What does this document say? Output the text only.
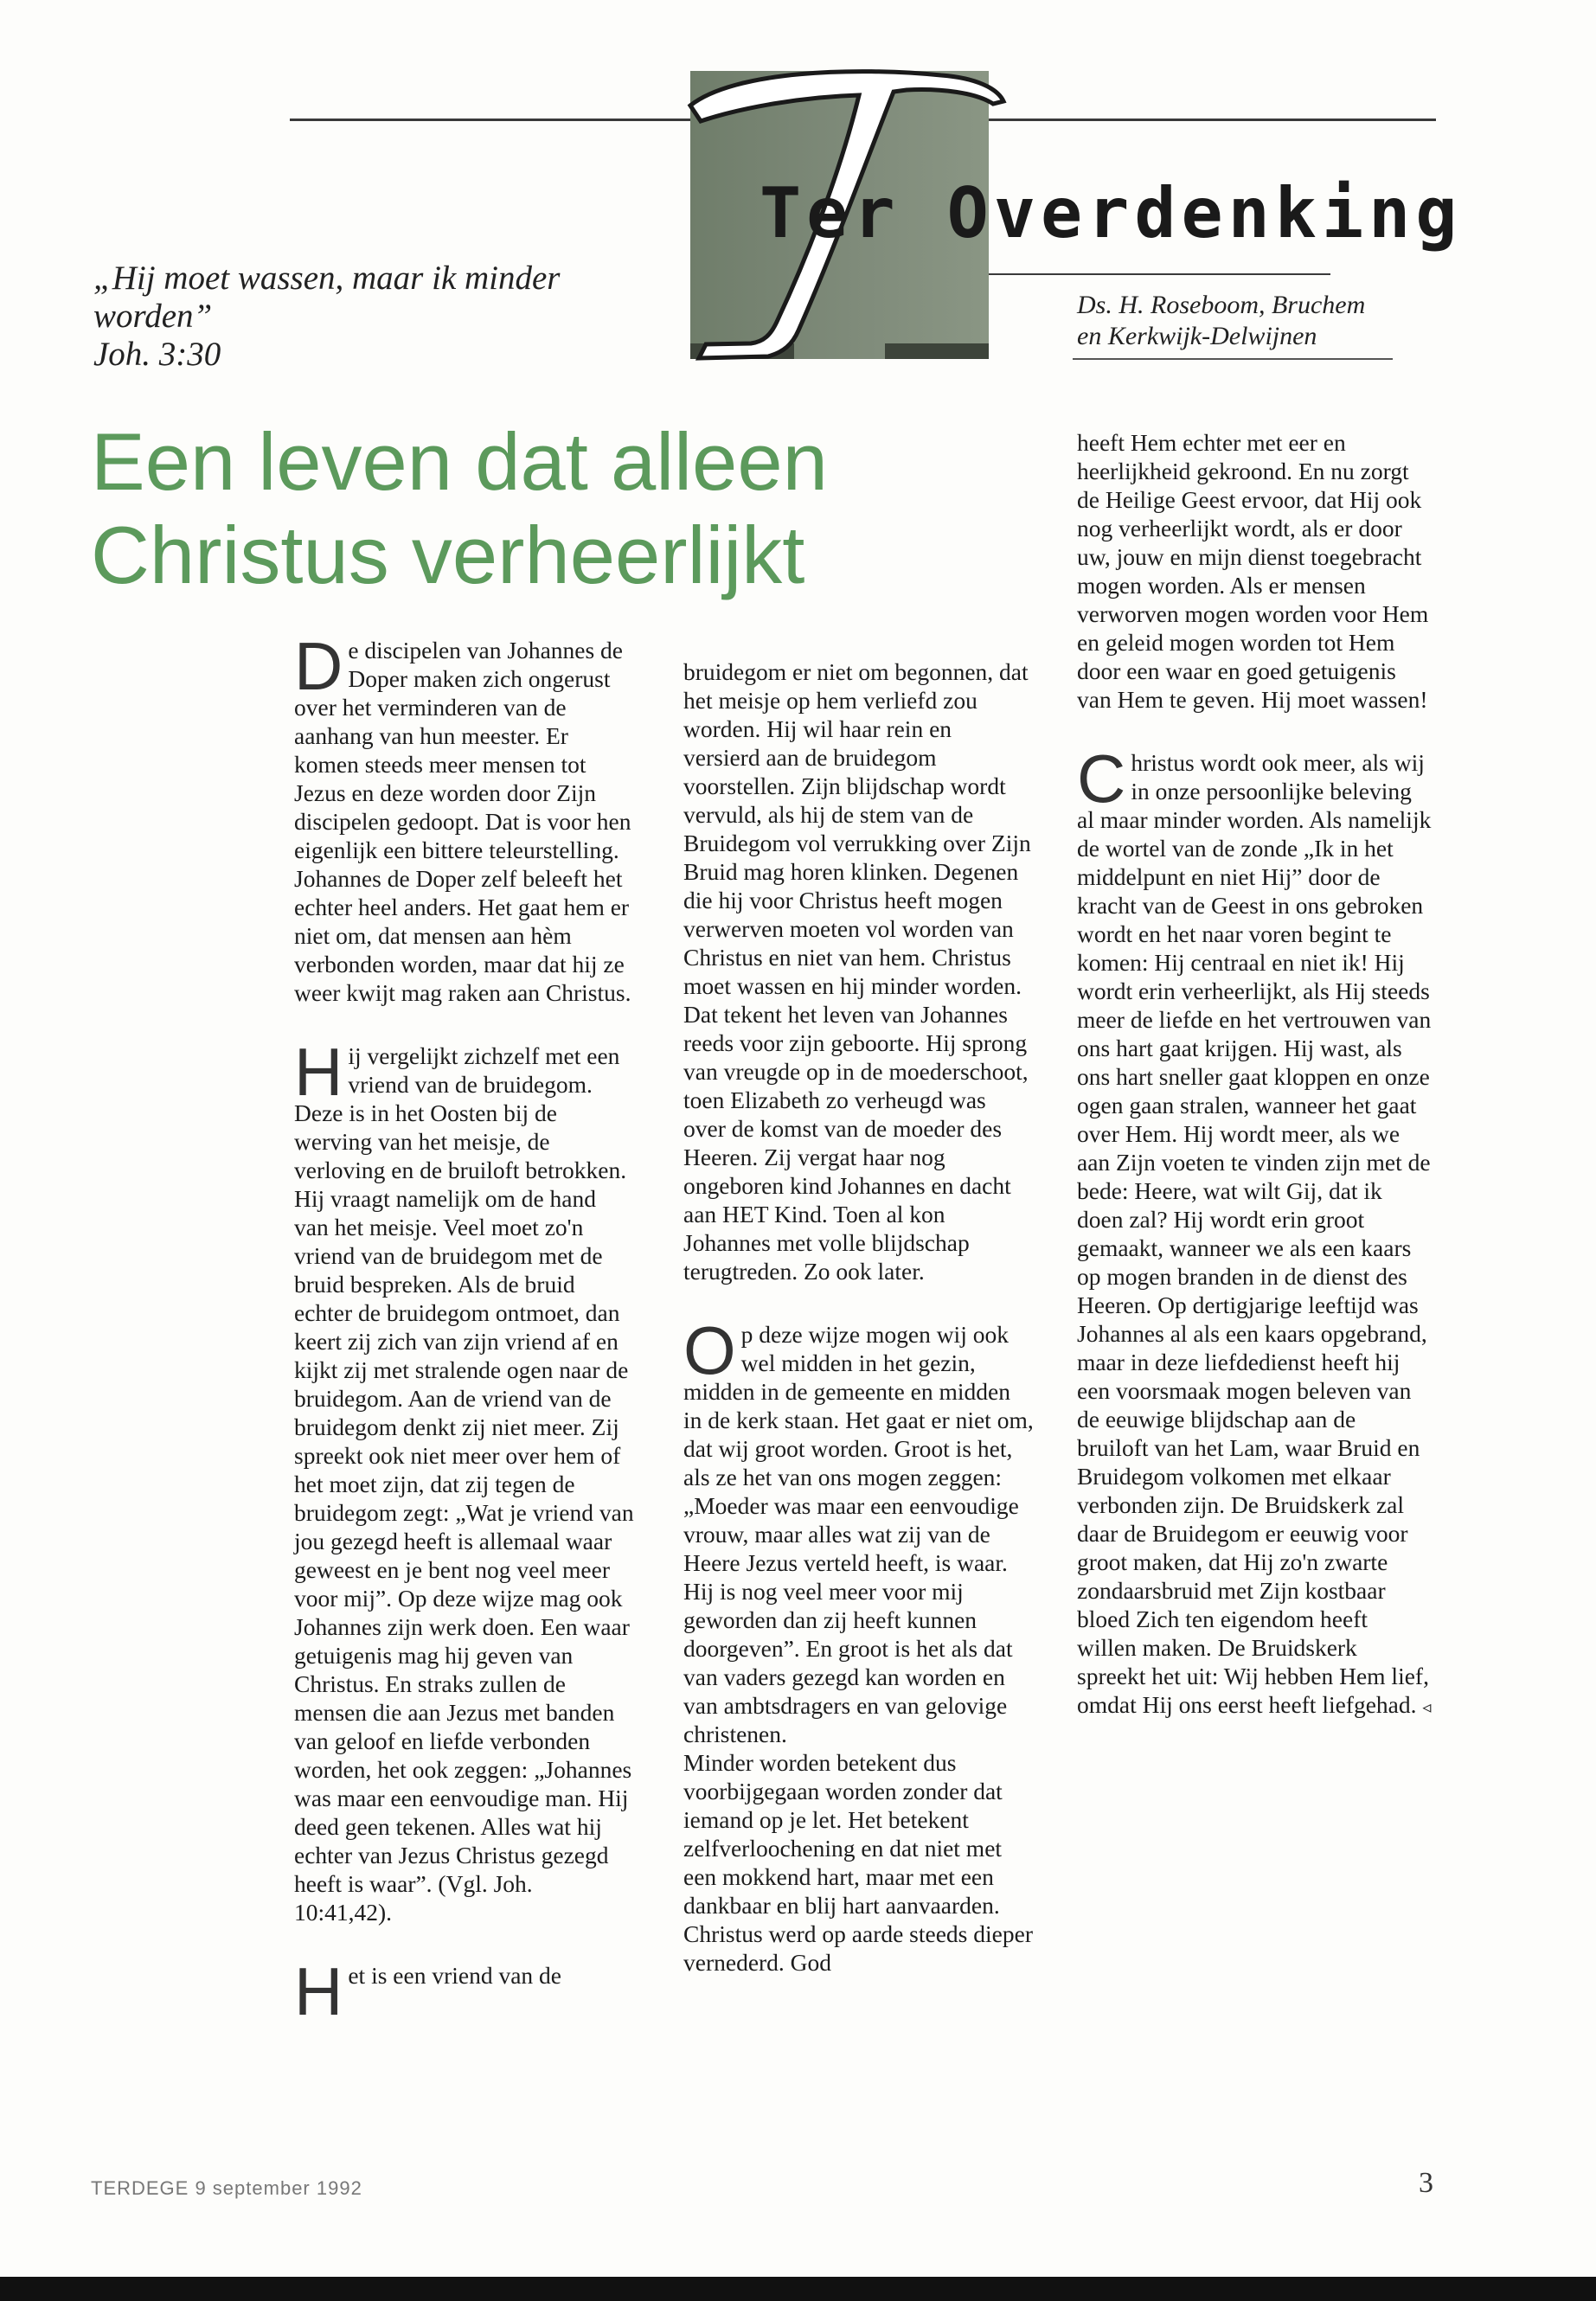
Ter Overdenking
„Hij moet wassen, maar ik minder worden”
Joh. 3:30
Ds. H. Roseboom, Bruchem en Kerkwijk-Delwijnen
Een leven dat alleen Christus verheerlijkt

D e discipelen van Johannes de Doper maken zich ongerust over het verminderen van de aanhang van hun meester. Er komen steeds meer mensen tot Jezus en deze worden door Zijn discipelen gedoopt. Dat is voor hen eigenlijk een bittere teleurstelling. Johannes de Doper zelf beleeft het echter heel anders. Het gaat hem er niet om, dat mensen aan hèm verbonden worden, maar dat hij ze weer kwijt mag raken aan Christus.

H ij vergelijkt zichzelf met een vriend van de bruidegom. Deze is in het Oosten bij de werving van het meisje, de verloving en de bruiloft betrokken. Hij vraagt namelijk om de hand van het meisje. Veel moet zo'n vriend van de bruidegom met de bruid bespreken. Als de bruid echter de bruidegom ontmoet, dan keert zij zich van zijn vriend af en kijkt zij met stralende ogen naar de bruidegom. Aan de vriend van de bruidegom denkt zij niet meer. Zij spreekt ook niet meer over hem of het moet zijn, dat zij tegen de bruidegom zegt: „Wat je vriend van jou gezegd heeft is allemaal waar geweest en je bent nog veel meer voor mij”. Op deze wijze mag ook Johannes zijn werk doen. Een waar getuigenis mag hij geven van Christus. En straks zullen de mensen die aan Jezus met banden van geloof en liefde verbonden worden, het ook zeggen: „Johannes was maar een eenvoudige man. Hij deed geen tekenen. Alles wat hij echter van Jezus Christus gezegd heeft is waar”. (Vgl. Joh. 10:41,42).

H et is een vriend van de

bruidegom er niet om begonnen, dat het meisje op hem verliefd zou worden. Hij wil haar rein en versierd aan de bruidegom voorstellen. Zijn blijdschap wordt vervuld, als hij de stem van de Bruidegom vol verrukking over Zijn Bruid mag horen klinken. Degenen die hij voor Christus heeft mogen verwerven moeten vol worden van Christus en niet van hem. Christus moet wassen en hij minder worden. Dat tekent het leven van Johannes reeds voor zijn geboorte. Hij sprong van vreugde op in de moederschoot, toen Elizabeth zo verheugd was over de komst van de moeder des Heeren. Zij vergat haar nog ongeboren kind Johannes en dacht aan HET Kind. Toen al kon Johannes met volle blijdschap terugtreden. Zo ook later.

O p deze wijze mogen wij ook wel midden in het gezin, midden in de gemeente en midden in de kerk staan. Het gaat er niet om, dat wij groot worden. Groot is het, als ze het van ons mogen zeggen: „Moeder was maar een eenvoudige vrouw, maar alles wat zij van de Heere Jezus verteld heeft, is waar. Hij is nog veel meer voor mij geworden dan zij heeft kunnen doorgeven”. En groot is het als dat van vaders gezegd kan worden en van ambtsdragers en van gelovige christenen.

Minder worden betekent dus voorbijgegaan worden zonder dat iemand op je let. Het betekent zelfverloochening en dat niet met een mokkend hart, maar met een dankbaar en blij hart aanvaarden.

Christus werd op aarde steeds dieper vernederd. God

heeft Hem echter met eer en heerlijkheid gekroond. En nu zorgt de Heilige Geest ervoor, dat Hij ook nog verheerlijkt wordt, als er door uw, jouw en mijn dienst toegebracht mogen worden. Als er mensen verworven mogen worden voor Hem en geleid mogen worden tot Hem door een waar en goed getuigenis van Hem te geven. Hij moet wassen!

C hristus wordt ook meer, als wij in onze persoonlijke beleving al maar minder worden. Als namelijk de wortel van de zonde „Ik in het middelpunt en niet Hij” door de kracht van de Geest in ons gebroken wordt en het naar voren begint te komen: Hij centraal en niet ik! Hij wordt erin verheerlijkt, als Hij steeds meer de liefde en het vertrouwen van ons hart gaat krijgen. Hij wast, als ons hart sneller gaat kloppen en onze ogen gaan stralen, wanneer het gaat over Hem. Hij wordt meer, als we aan Zijn voeten te vinden zijn met de bede: Heere, wat wilt Gij, dat ik doen zal? Hij wordt erin groot gemaakt, wanneer we als een kaars op mogen branden in de dienst des Heeren. Op dertigjarige leeftijd was Johannes al als een kaars opgebrand, maar in deze liefdedienst heeft hij een voorsmaak mogen beleven van de eeuwige blijdschap aan de bruiloft van het Lam, waar Bruid en Bruidegom volkomen met elkaar verbonden zijn. De Bruidskerk zal daar de Bruidegom er eeuwig voor groot maken, dat Hij zo'n zwarte zondaarsbruid met Zijn kostbaar bloed Zich ten eigendom heeft willen maken. De Bruidskerk spreekt het uit: Wij hebben Hem lief, omdat Hij ons eerst heeft liefgehad. ◃

TERDEGE 9 september 1992	3
